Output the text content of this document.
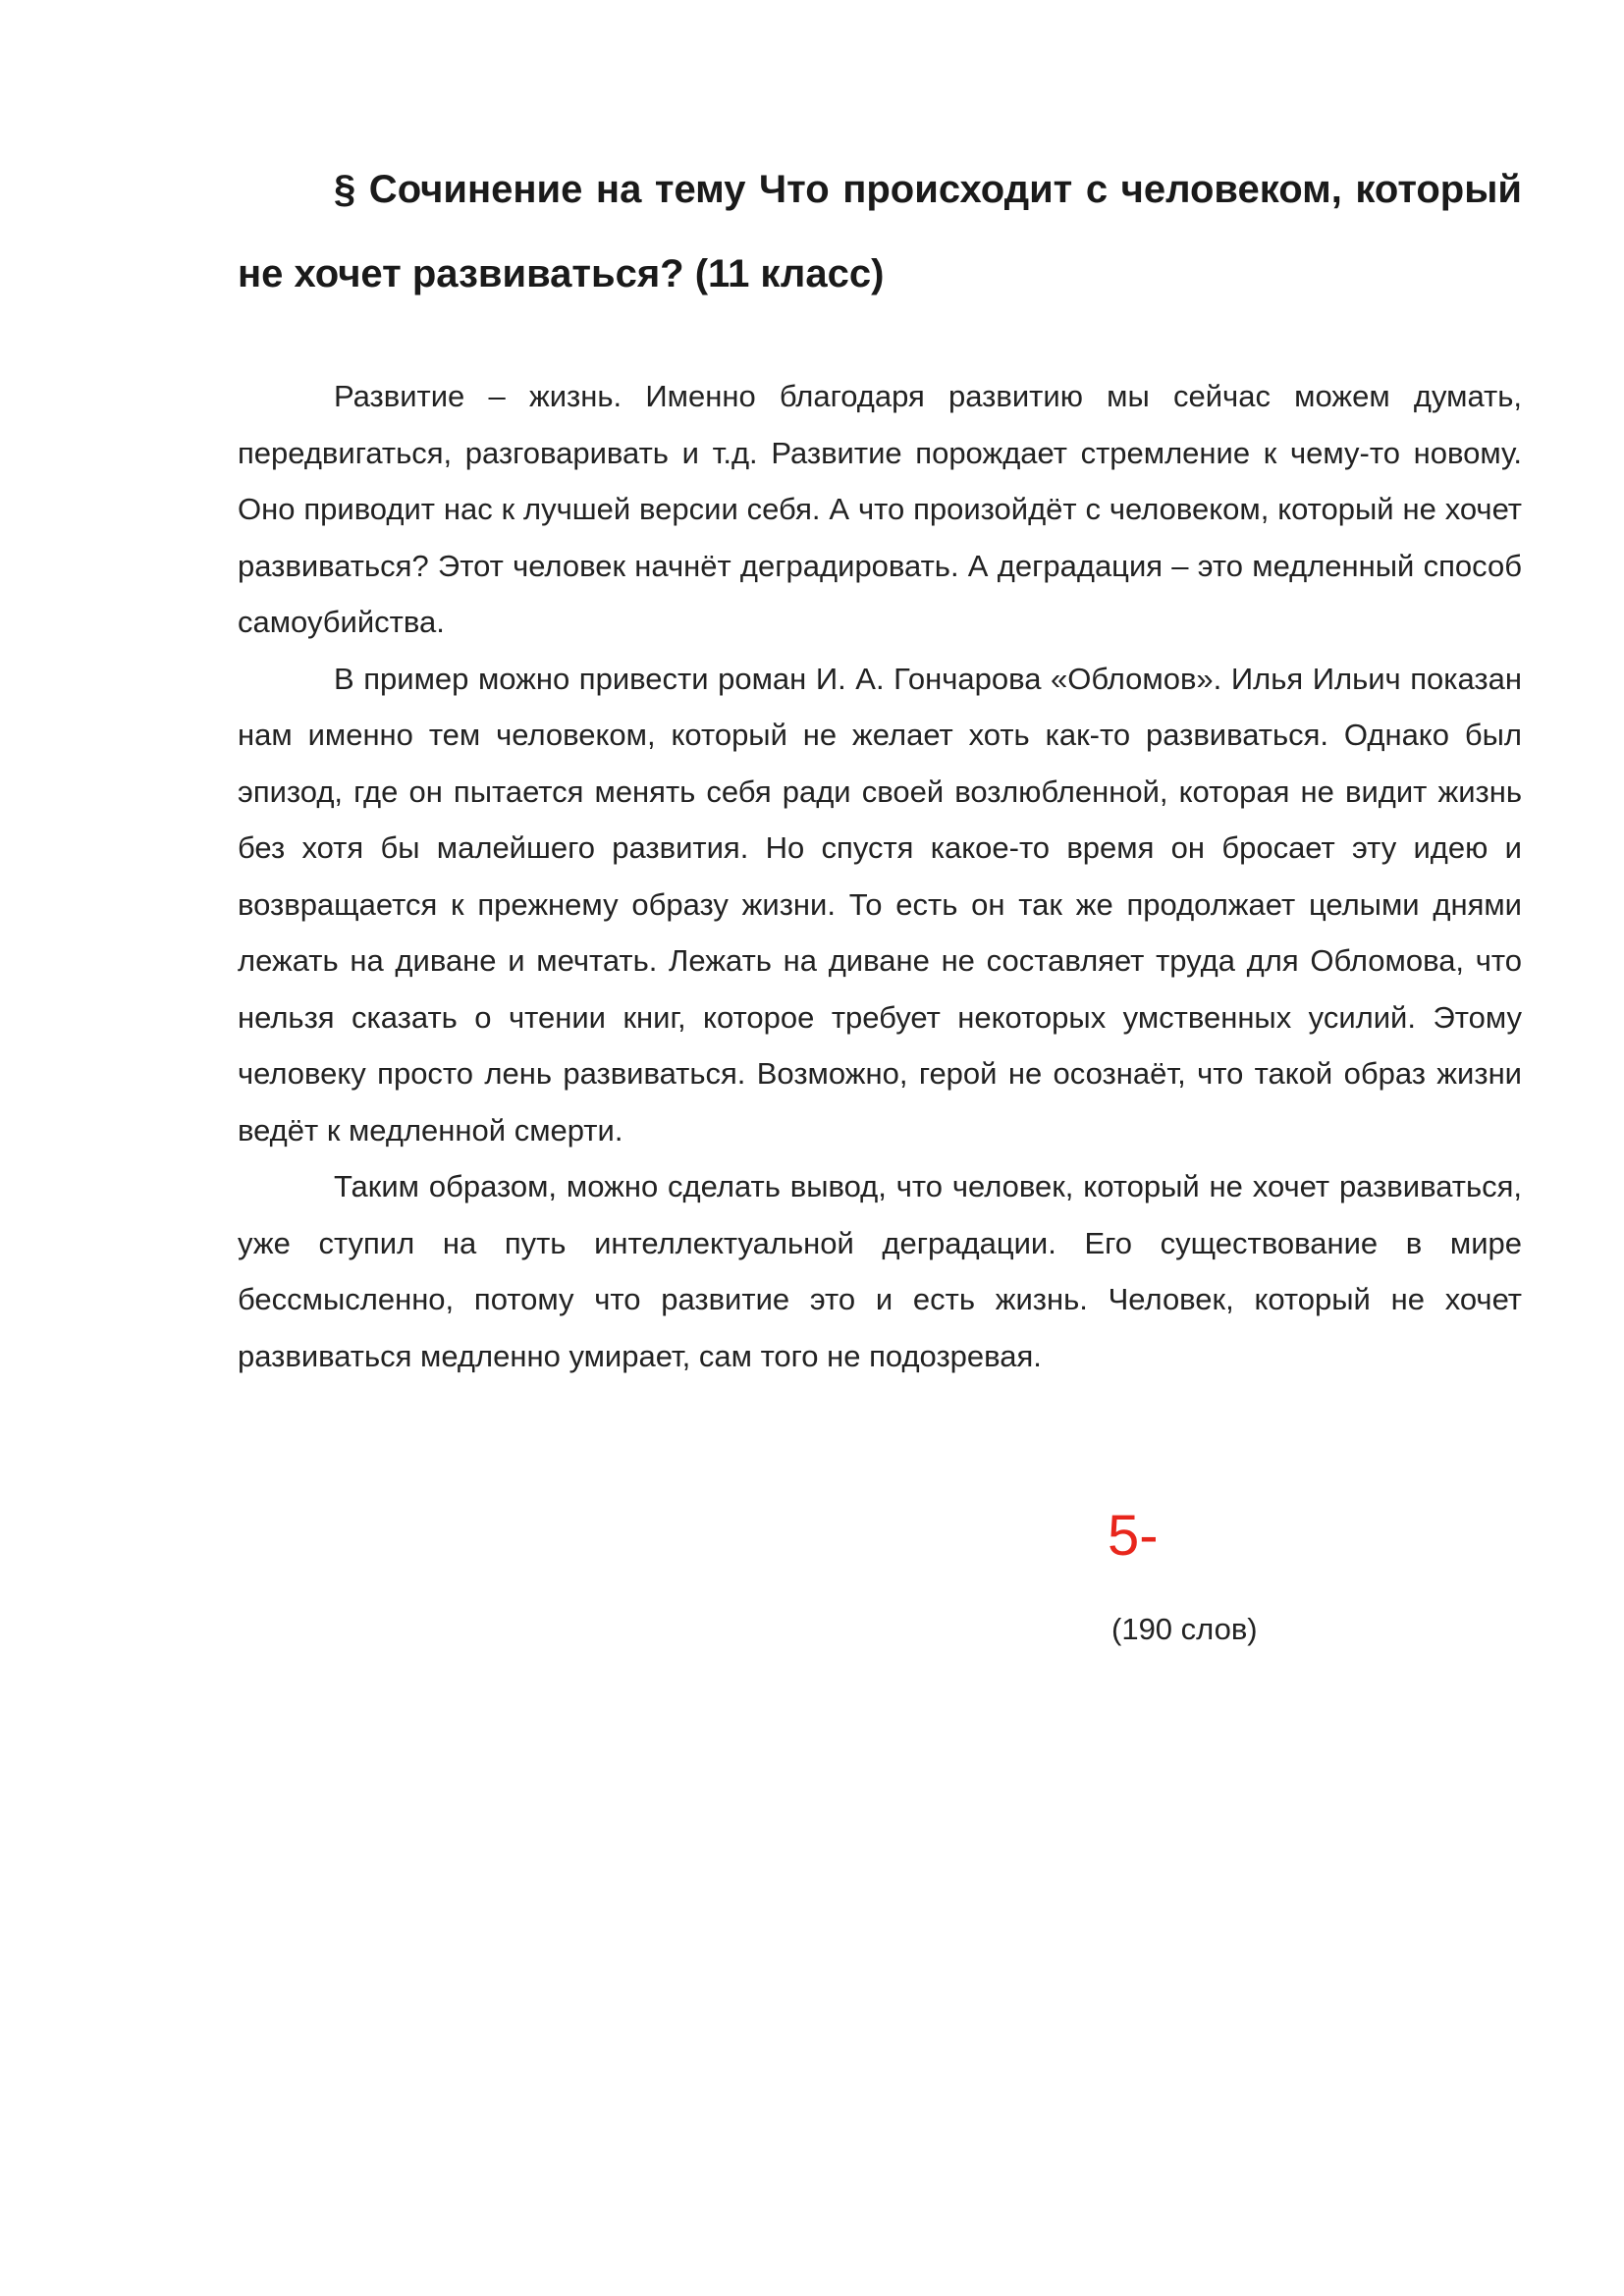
§ Сочинение на тему Что происходит с человеком, который не хочет развиваться? (11 класс)

Развитие – жизнь. Именно благодаря развитию мы сейчас можем думать, передвигаться, разговаривать и т.д. Развитие порождает стремление к чему-то новому. Оно приводит нас к лучшей версии себя. А что произойдёт с человеком, который не хочет развиваться? Этот человек начнёт деградировать. А деградация – это медленный способ самоубийства.

В пример можно привести роман И. А. Гончарова «Обломов». Илья Ильич показан нам именно тем человеком, который не желает хоть как-то развиваться. Однако был эпизод, где он пытается менять себя ради своей возлюбленной, которая не видит жизнь без хотя бы малейшего развития. Но спустя какое-то время он бросает эту идею и возвращается к прежнему образу жизни. То есть он так же продолжает целыми днями лежать на диване и мечтать. Лежать на диване не составляет труда для Обломова, что нельзя сказать о чтении книг, которое требует некоторых умственных усилий. Этому человеку просто лень развиваться. Возможно, герой не осознаёт, что такой образ жизни ведёт к медленной смерти.

Таким образом, можно сделать вывод, что человек, который не хочет развиваться, уже ступил на путь интеллектуальной деградации. Его существование в мире бессмысленно, потому что развитие это и есть жизнь. Человек, который не хочет развиваться медленно умирает, сам того не подозревая.

5-
(190 слов)
